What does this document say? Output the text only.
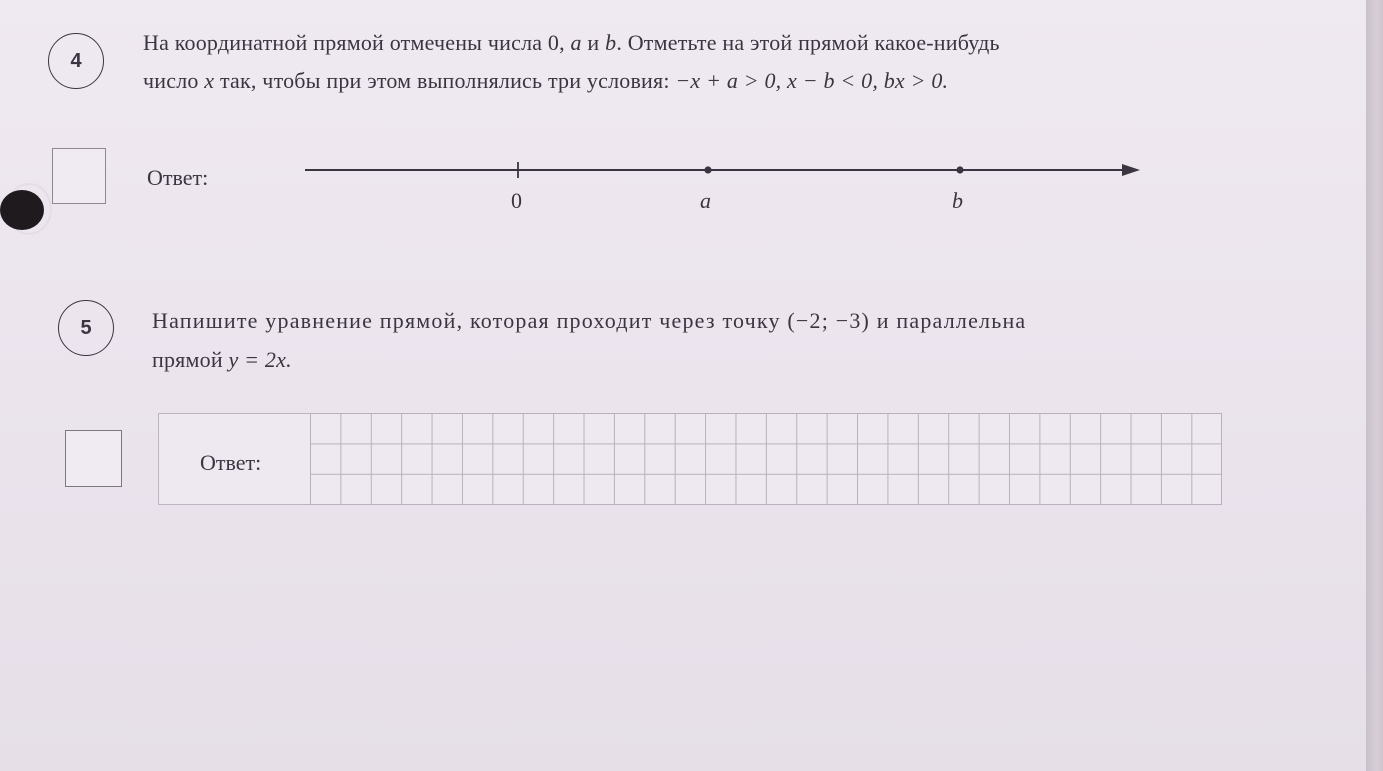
4
На координатной прямой отмечены числа 0, a и b. Отметьте на этой прямой какое-нибудь
число x так, чтобы при этом выполнялись три условия: −x + a > 0, x − b < 0, bx > 0.
Ответ:
0	a	b
5	Напишите уравнение прямой, которая проходит через точку (−2; −3) и параллельна
прямой y = 2x.
Ответ:
